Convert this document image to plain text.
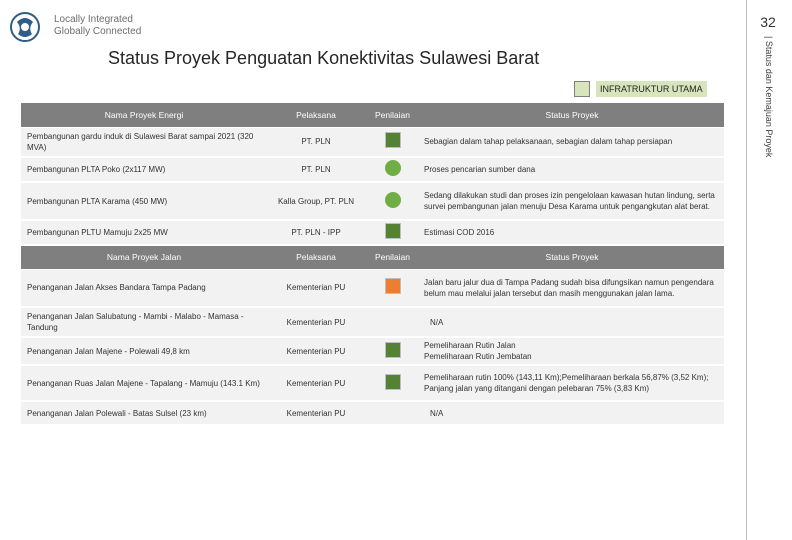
Locally Integrated
Globally Connected
32
| Status dan Kemajuan Proyek
Status Proyek Penguatan Konektivitas Sulawesi Barat
INFRATRUKTUR UTAMA
Nama Proyek Energi	Pelaksana	Penilaian	Status Proyek
Pembangunan gardu induk di Sulawesi Barat sampai 2021 (320 MVA)	PT. PLN		Sebagian dalam tahap pelaksanaan, sebagian dalam tahap persiapan

Pembangunan PLTA Poko (2x117 MW)	PT. PLN		Proses pencarian sumber dana

Pembangunan PLTA Karama (450 MW)	Kalla Group, PT. PLN		Sedang dilakukan studi dan proses izin pengelolaan kawasan hutan lindung, serta survei pembangunan jalan menuju Desa Karama untuk pengangkutan alat berat.

Pembangunan PLTU Mamuju 2x25 MW	PT. PLN - IPP		Estimasi COD 2016

Nama Proyek Jalan	Pelaksana	Penilaian	Status Proyek
Penanganan Jalan Akses Bandara Tampa Padang	Kementerian PU		Jalan baru jalur dua di Tampa Padang sudah bisa difungsikan namun pengendara belum mau melalui jalan tersebut dan masih menggunakan jalan lama.

Penanganan Jalan Salubatung - Mambi - Malabo - Mamasa - Tandung	Kementerian PU		N/A

Penanganan Jalan Majene - Polewali 49,8 km	Kementerian PU		Pemeliharaan Rutin Jalan
Pemeliharaan Rutin Jembatan

Penanganan Ruas Jalan Majene - Tapalang - Mamuju (143.1 Km)	Kementerian PU		Pemeliharaan rutin 100% (143,11 Km);Pemeliharaan berkala 56,87% (3,52 Km); Panjang jalan yang ditangani dengan pelebaran 75% (3,83 Km)

Penanganan Jalan Polewali - Batas Sulsel (23 km)	Kementerian PU		N/A
